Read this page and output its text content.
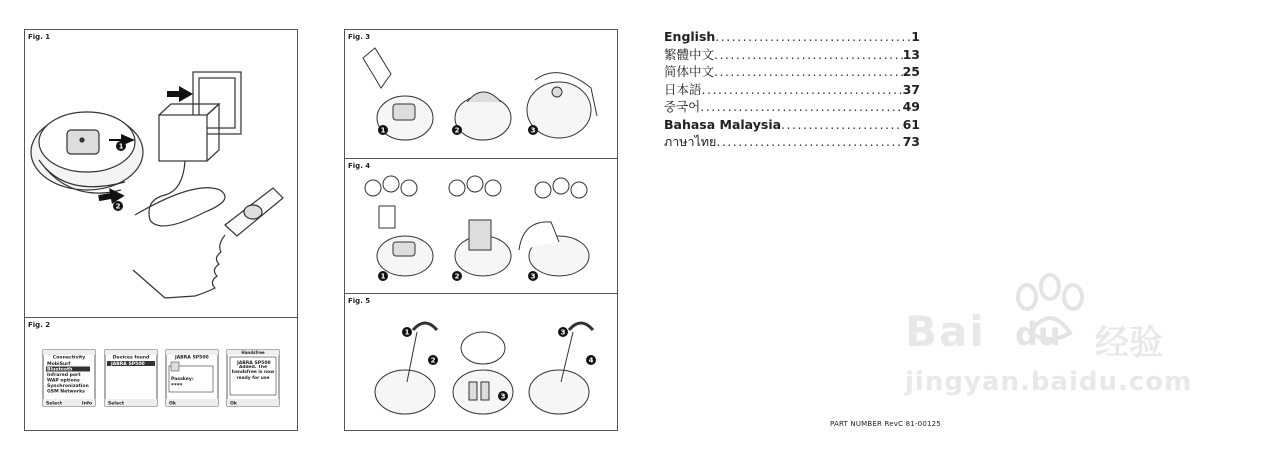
Fig. 1
Fig. 2
1
2
Connectivity
MobiSurf
Bluetooth
Infrared port
WAP options
Synchronization
GSM Networks
Select	Info
Devices found
JABRA SP500
Select
JABRA SP500
Passkey:
****
Ok
Handsfree
JABRA SP500
Added. The handsfree is now ready for use
Ok
Fig. 3
Fig. 4
Fig. 5
1	2	3
1	2	3
1
2
3
3
4
English .....	1
繁體中文 .....	13
简体中文 .....	25
日本語 .....	37
중국어 .....	49
Bahasa Malaysia .....	61
ภาษาไทย .....	73
Bai du 经验
jingyan.baidu.com
PART NUMBER RevC 81-00125
